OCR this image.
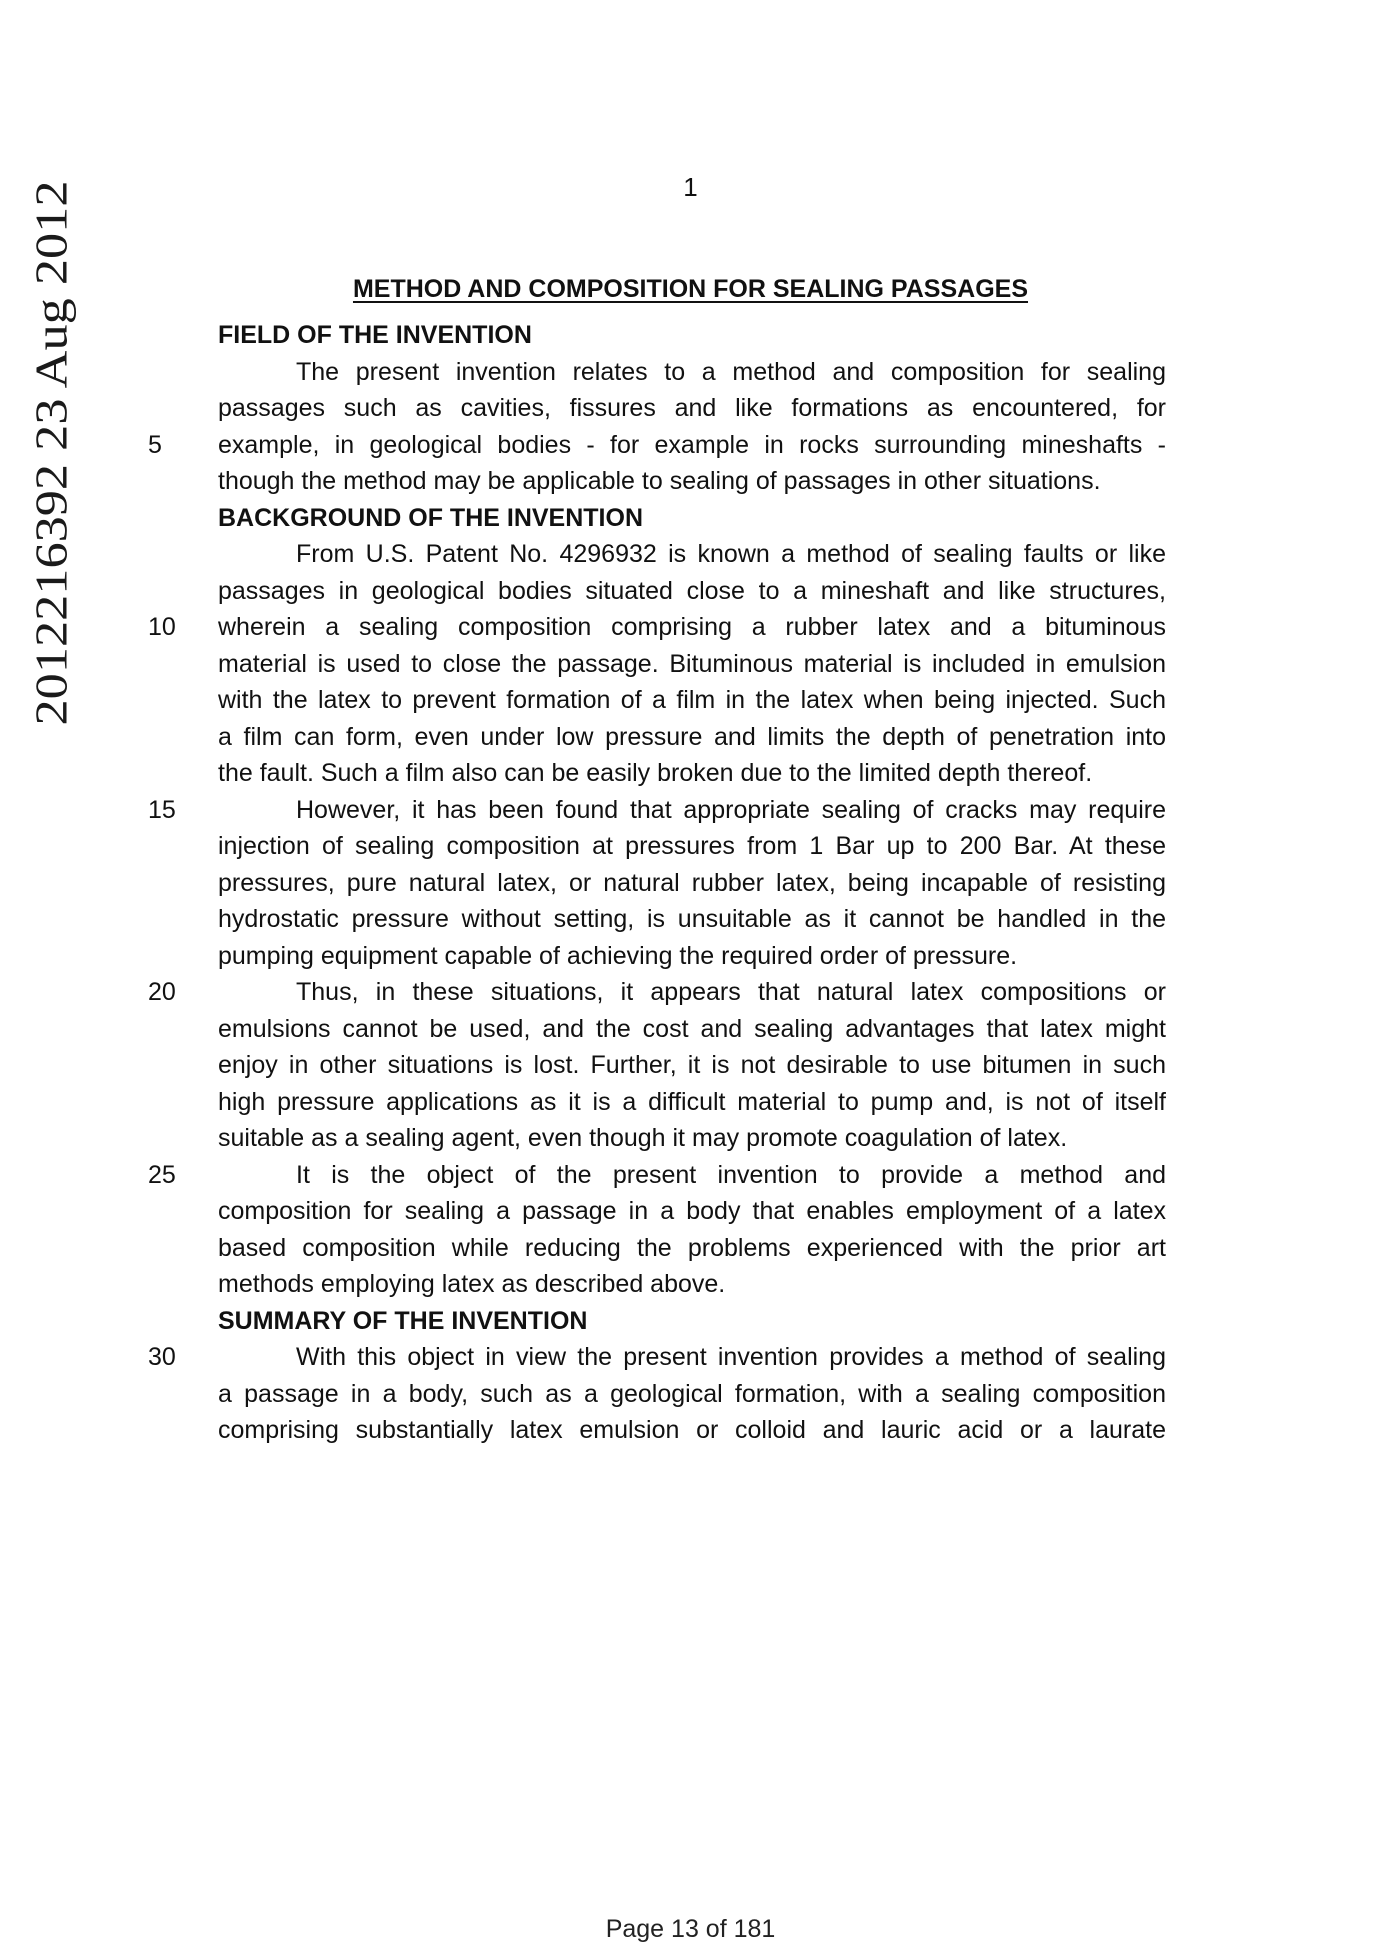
2012216392 23 Aug 2012
1
METHOD AND COMPOSITION FOR SEALING PASSAGES
FIELD OF THE INVENTION
The present invention relates to a method and composition for sealing
passages such as cavities, fissures and like formations as encountered, for
example, in geological bodies - for example in rocks surrounding mineshafts -
though the method may be applicable to sealing of passages in other situations.
BACKGROUND OF THE INVENTION
From U.S. Patent No. 4296932 is known a method of sealing faults or like
passages in geological bodies situated close to a mineshaft and like structures,
wherein a sealing composition comprising a rubber latex and a bituminous
material is used to close the passage. Bituminous material is included in emulsion
with the latex to prevent formation of a film in the latex when being injected. Such
a film can form, even under low pressure and limits the depth of penetration into
the fault. Such a film also can be easily broken due to the limited depth thereof.
However, it has been found that appropriate sealing of cracks may require
injection of sealing composition at pressures from 1 Bar up to 200 Bar. At these
pressures, pure natural latex, or natural rubber latex, being incapable of resisting
hydrostatic pressure without setting, is unsuitable as it cannot be handled in the
pumping equipment capable of achieving the required order of pressure.
Thus, in these situations, it appears that natural latex compositions or
emulsions cannot be used, and the cost and sealing advantages that latex might
enjoy in other situations is lost. Further, it is not desirable to use bitumen in such
high pressure applications as it is a difficult material to pump and, is not of itself
suitable as a sealing agent, even though it may promote coagulation of latex.
It is the object of the present invention to provide a method and
composition for sealing a passage in a body that enables employment of a latex
based composition while reducing the problems experienced with the prior art
methods employing latex as described above.
SUMMARY OF THE INVENTION
With this object in view the present invention provides a method of sealing
a passage in a body, such as a geological formation, with a sealing composition
comprising substantially latex emulsion or colloid and lauric acid or a laurate
5
10
15
20
25
30
Page 13 of 181
